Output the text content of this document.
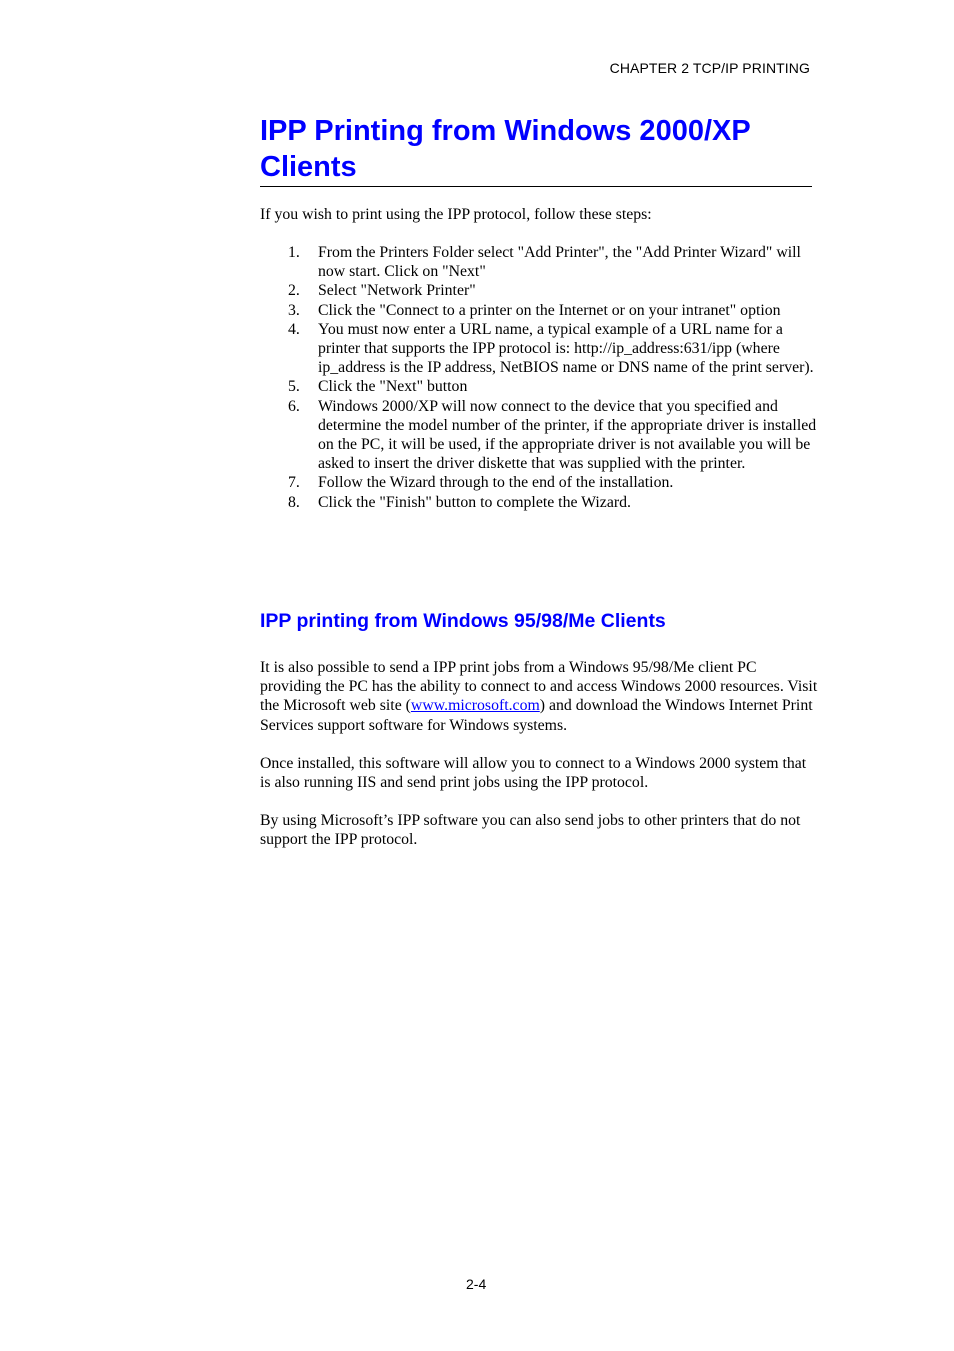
CHAPTER 2 TCP/IP PRINTING
IPP Printing from Windows 2000/XP Clients

If you wish to print using the IPP protocol, follow these steps:

1. From the Printers Folder select "Add Printer", the "Add Printer Wizard" will now start. Click on "Next"
2. Select "Network Printer"
3. Click the "Connect to a printer on the Internet or on your intranet" option
4. You must now enter a URL name, a typical example of a URL name for a printer that supports the IPP protocol is: http://ip_address:631/ipp (where ip_address is the IP address, NetBIOS name or DNS name of the print server).
5. Click the "Next" button
6. Windows 2000/XP will now connect to the device that you specified and determine the model number of the printer, if the appropriate driver is installed on the PC, it will be used, if the appropriate driver is not available you will be asked to insert the driver diskette that was supplied with the printer.
7. Follow the Wizard through to the end of the installation.
8. Click the "Finish" button to complete the Wizard.
IPP printing from Windows 95/98/Me Clients

It is also possible to send a IPP print jobs from a Windows 95/98/Me client PC providing the PC has the ability to connect to and access Windows 2000 resources. Visit the Microsoft web site (www.microsoft.com) and download the Windows Internet Print Services support software for Windows systems.

Once installed, this software will allow you to connect to a Windows 2000 system that is also running IIS and send print jobs using the IPP protocol.

By using Microsoft’s IPP software you can also send jobs to other printers that do not support the IPP protocol.

2-4
